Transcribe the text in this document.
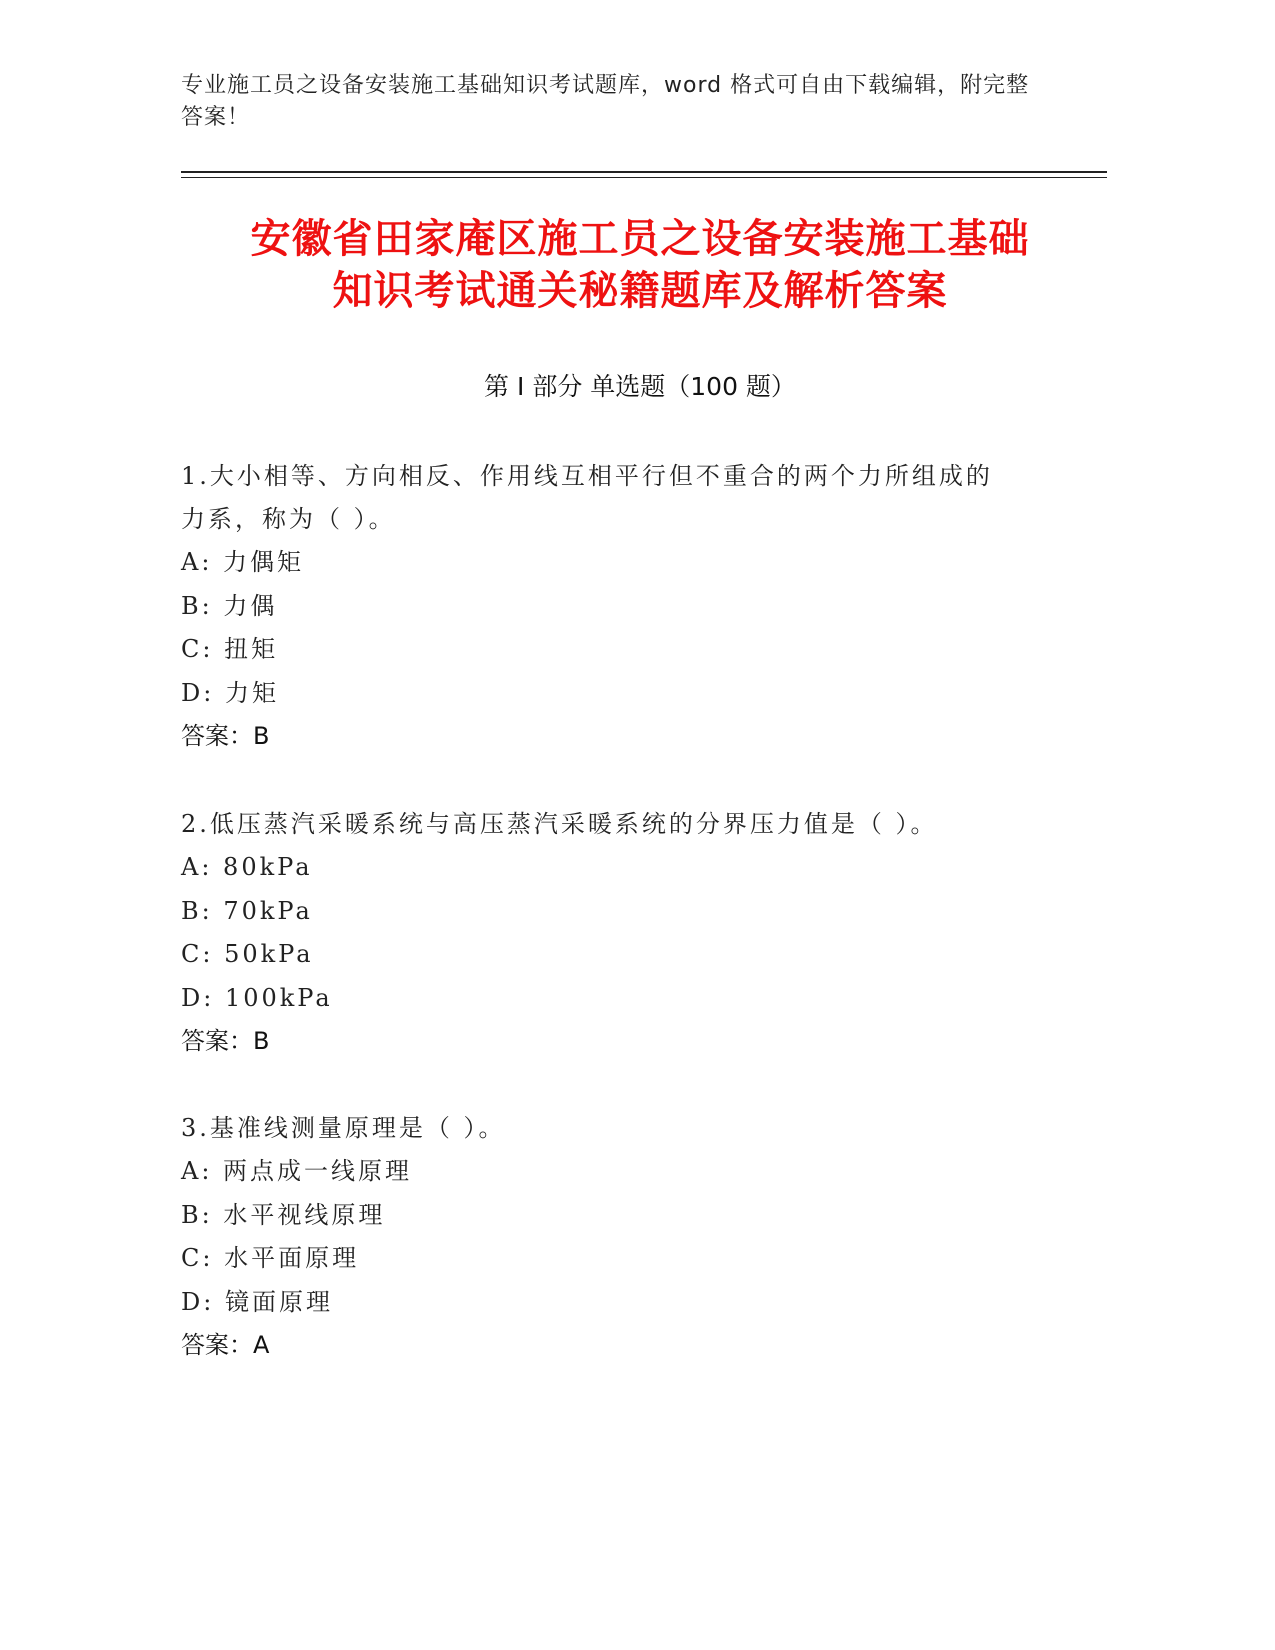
专业施工员之设备安装施工基础知识考试题库，word 格式可自由下载编辑，附完整答案！
安徽省田家庵区施工员之设备安装施工基础
知识考试通关秘籍题库及解析答案
第 I 部分 单选题（100 题）

1.大小相等、方向相反、作用线互相平行但不重合的两个力所组成的

力系，称为（ ）。

A: 力偶矩

B: 力偶

C: 扭矩

D: 力矩

答案：B

2.低压蒸汽采暖系统与高压蒸汽采暖系统的分界压力值是（ ）。

A: 80kPa

B: 70kPa

C: 50kPa

D: 100kPa

答案：B

3.基准线测量原理是（ ）。

A: 两点成一线原理

B: 水平视线原理

C: 水平面原理

D: 镜面原理

答案：A
